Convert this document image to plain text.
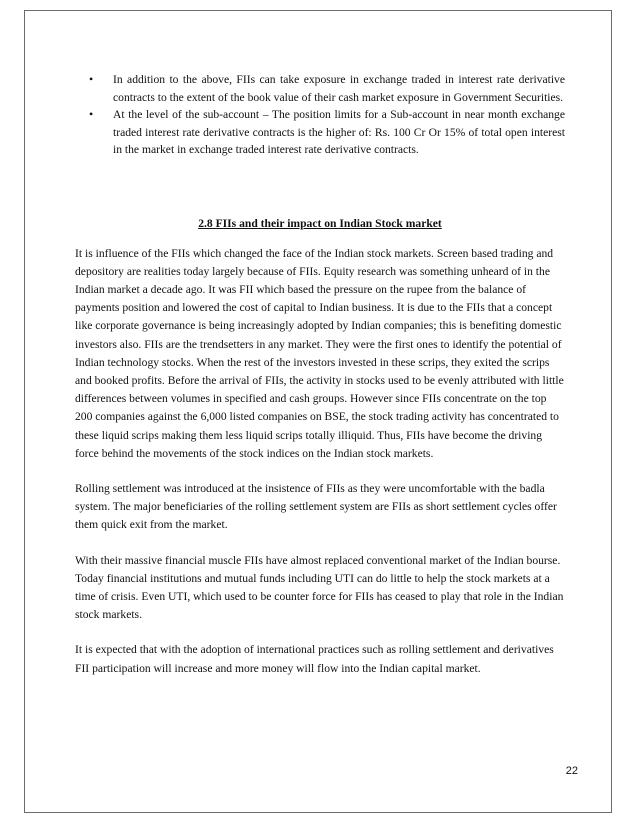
• In addition to the above, FIIs can take exposure in exchange traded in interest rate derivative contracts to the extent of the book value of their cash market exposure in Government Securities.
• At the level of the sub-account – The position limits for a Sub-account in near month exchange traded interest rate derivative contracts is the higher of: Rs. 100 Cr Or 15% of total open interest in the market in exchange traded interest rate derivative contracts.
2.8 FIIs and their impact on Indian Stock market

It is influence of the FIIs which changed the face of the Indian stock markets. Screen based trading and depository are realities today largely because of FIIs. Equity research was something unheard of in the Indian market a decade ago. It was FII which based the pressure on the rupee from the balance of payments position and lowered the cost of capital to Indian business. It is due to the FIIs that a concept like corporate governance is being increasingly adopted by Indian companies; this is benefiting domestic investors also. FIIs are the trendsetters in any market. They were the first ones to identify the potential of Indian technology stocks. When the rest of the investors invested in these scrips, they exited the scrips and booked profits. Before the arrival of FIIs, the activity in stocks used to be evenly attributed with little differences between volumes in specified and cash groups. However since FIIs concentrate on the top 200 companies against the 6,000 listed companies on BSE, the stock trading activity has concentrated to these liquid scrips making them less liquid scrips totally illiquid. Thus, FIIs have become the driving force behind the movements of the stock indices on the Indian stock markets.

Rolling settlement was introduced at the insistence of FIIs as they were uncomfortable with the badla system. The major beneficiaries of the rolling settlement system are FIIs as short settlement cycles offer them quick exit from the market.

With their massive financial muscle FIIs have almost replaced conventional market of the Indian bourse. Today financial institutions and mutual funds including UTI can do little to help the stock markets at a time of crisis. Even UTI, which used to be counter force for FIIs has ceased to play that role in the Indian stock markets.

It is expected that with the adoption of international practices such as rolling settlement and derivatives FII participation will increase and more money will flow into the Indian capital market.

22
